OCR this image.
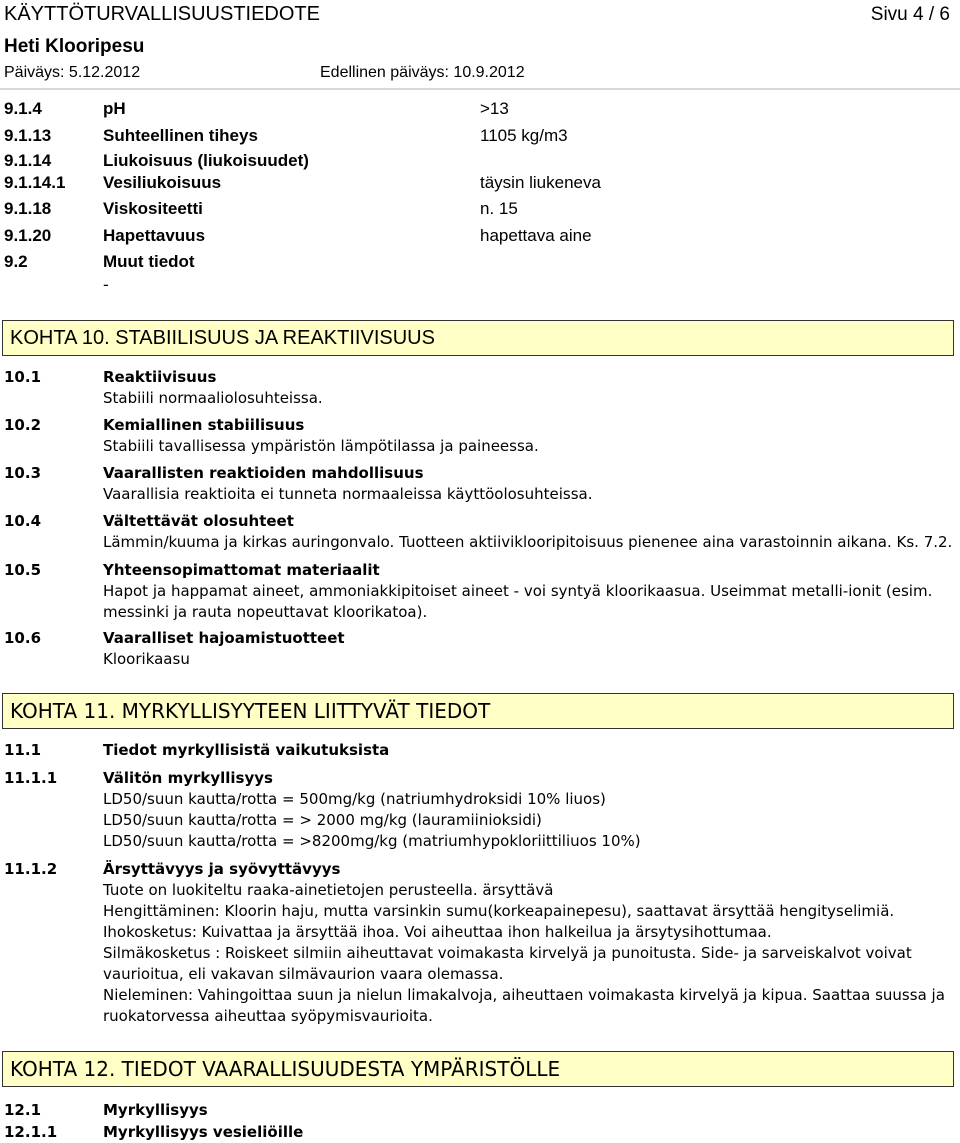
KÄYTTÖTURVALLISUUSTIEDOTE	Sivu 4 / 6
Heti Klooripesu
Päiväys: 5.12.2012	Edellinen päiväys: 10.9.2012
9.1.4	pH	>13
9.1.13	Suhteellinen tiheys	1105 kg/m3
9.1.14	Liukoisuus (liukoisuudet)
9.1.14.1 Vesiliukoisuus	täysin liukeneva
9.1.18	Viskositeetti	n. 15
9.1.20	Hapettavuus	hapettava aine
9.2	Muut tiedot
-
KOHTA 10. STABIILISUUS JA REAKTIIVISUUS
10.1	Reaktiivisuus
Stabiili normaaliolosuhteissa.
10.2	Kemiallinen stabiilisuus
Stabiili tavallisessa ympäristön lämpötilassa ja paineessa.
10.3	Vaarallisten reaktioiden mahdollisuus
Vaarallisia reaktioita ei tunneta normaaleissa käyttöolosuhteissa.
10.4	Vältettävät olosuhteet
Lämmin/kuuma ja kirkas auringonvalo. Tuotteen aktiiviklooripitoisuus pienenee aina varastoinnin aikana. Ks. 7.2.
10.5	Yhteensopimattomat materiaalit
Hapot ja happamat aineet, ammoniakkipitoiset aineet - voi syntyä kloorikaasua. Useimmat metalli-ionit (esim.
messinki ja rauta nopeuttavat kloorikatoa).
10.6	Vaaralliset hajoamistuotteet
Kloorikaasu
KOHTA 11. MYRKYLLISYYTEEN LIITTYVÄT TIEDOT
11.1	Tiedot myrkyllisistä vaikutuksista
11.1.1	Välitön myrkyllisyys
LD50/suun kautta/rotta = 500mg/kg (natriumhydroksidi 10% liuos)
LD50/suun kautta/rotta = > 2000 mg/kg (lauramiinioksidi)
LD50/suun kautta/rotta = >8200mg/kg (matriumhypokloriittiliuos 10%)
11.1.2	Ärsyttävyys ja syövyttävyys
Tuote on luokiteltu raaka-ainetietojen perusteella. ärsyttävä
Hengittäminen: Kloorin haju, mutta varsinkin sumu(korkeapainepesu), saattavat ärsyttää hengityselimiä.
Ihokosketus: Kuivattaa ja ärsyttää ihoa. Voi aiheuttaa ihon halkeilua ja ärsytysihottumaa.
Silmäkosketus : Roiskeet silmiin aiheuttavat voimakasta kirvelyä ja punoitusta. Side- ja sarveiskalvot voivat
vaurioitua, eli vakavan silmävaurion vaara olemassa.
Nieleminen: Vahingoittaa suun ja nielun limakalvoja, aiheuttaen voimakasta kirvelyä ja kipua. Saattaa suussa ja
ruokatorvessa aiheuttaa syöpymisvaurioita.
KOHTA 12. TIEDOT VAARALLISUUDESTA YMPÄRISTÖLLE
12.1	Myrkyllisyys
12.1.1	Myrkyllisyys vesieliöille
